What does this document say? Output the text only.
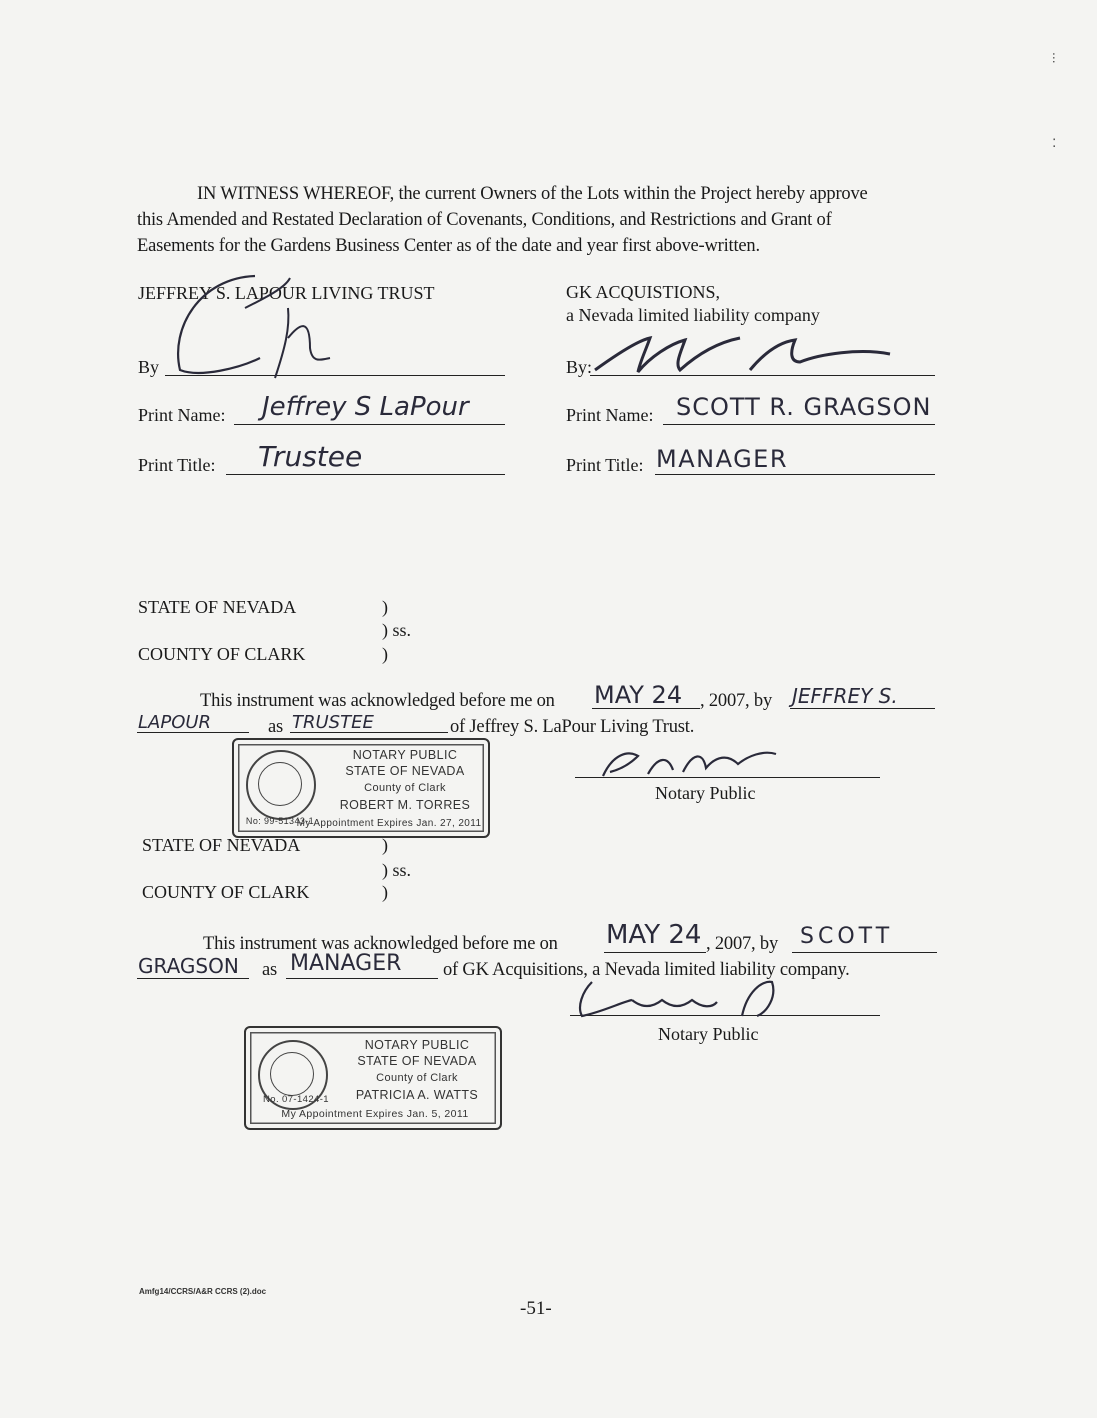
...
:
IN WITNESS WHEREOF, the current Owners of the Lots within the Project hereby approve
this Amended and Restated Declaration of Covenants, Conditions, and Restrictions and Grant of
Easements for the Gardens Business Center as of the date and year first above-written.
JEFFREY S. LAPOUR LIVING TRUST
By
Print Name: Jeffrey S LaPour
Print Title: Trustee
GK ACQUISTIONS,
a Nevada limited liability company
By:
Print Name: SCOTT R. GRAGSON
Print Title: MANAGER
STATE OF NEVADA	)
) ss.
COUNTY OF CLARK	)
This instrument was acknowledged before me on MAY 24 , 2007, by JEFFREY S.
LAPOUR	as TRUSTEE	of Jeffrey S. LaPour Living Trust.
NOTARY PUBLIC
STATE OF NEVADA
County of Clark
ROBERT M. TORRES
No: 99-51343-1
My Appointment Expires Jan. 27, 2011
Notary Public
STATE OF NEVADA	)
) ss.
COUNTY OF CLARK	)
This instrument was acknowledged before me on MAY 24 , 2007, by SCOTT
GRAGSON as MANAGER of GK Acquisitions, a Nevada limited liability company.
Notary Public
NOTARY PUBLIC
STATE OF NEVADA
County of Clark
PATRICIA A. WATTS
No. 07-1424-1
My Appointment Expires Jan. 5, 2011
Amfg14/CCRS/A&R CCRS (2).doc
-51-
